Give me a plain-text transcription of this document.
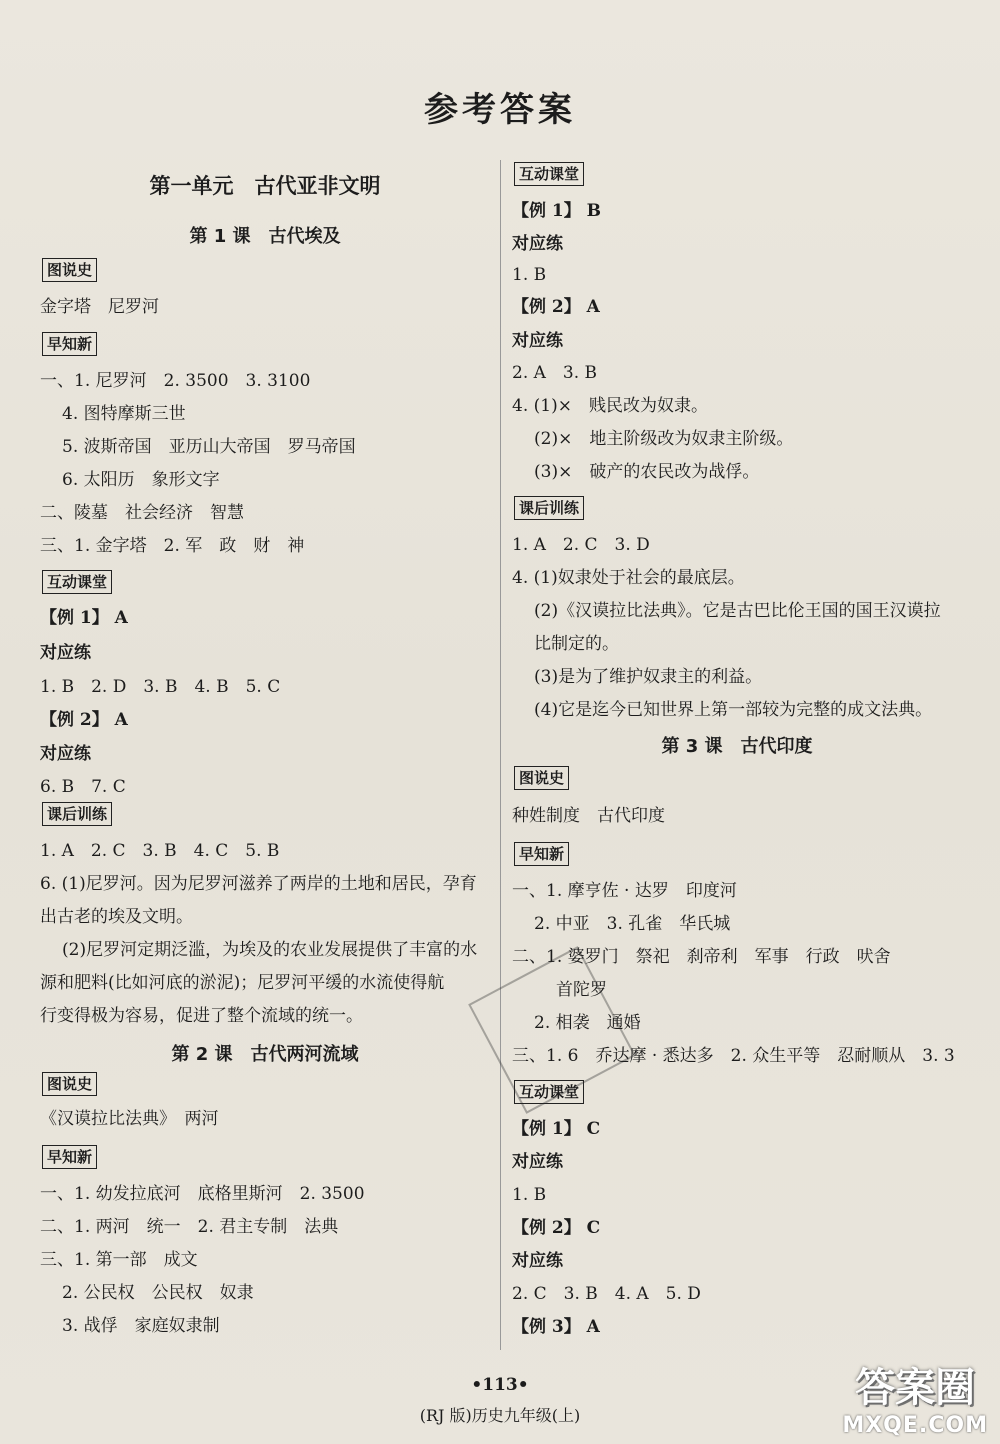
参考答案
第一单元　古代亚非文明
第 1 课　古代埃及
图说史
金字塔　尼罗河
早知新
一、1. 尼罗河　2. 3500　3. 3100
4. 图特摩斯三世
5. 波斯帝国　亚历山大帝国　罗马帝国
6. 太阳历　象形文字
二、陵墓　社会经济　智慧
三、1. 金字塔　2. 军　政　财　神
互动课堂
【例 1】 A
对应练
1. B　2. D　3. B　4. B　5. C
【例 2】 A
对应练
6. B　7. C
课后训练
1. A　2. C　3. B　4. C　5. B
6. (1)尼罗河。因为尼罗河滋养了两岸的土地和居民，孕育
出古老的埃及文明。
(2)尼罗河定期泛滥，为埃及的农业发展提供了丰富的水
源和肥料(比如河底的淤泥)；尼罗河平缓的水流使得航
行变得极为容易，促进了整个流域的统一。
第 2 课　古代两河流域
图说史
《汉谟拉比法典》　两河
早知新
一、1. 幼发拉底河　底格里斯河　2. 3500
二、1. 两河　统一　2. 君主专制　法典
三、1. 第一部　成文
2. 公民权　公民权　奴隶
3. 战俘　家庭奴隶制
互动课堂
【例 1】 B
对应练
1. B
【例 2】 A
对应练
2. A　3. B
4. (1)×　贱民改为奴隶。
(2)×　地主阶级改为奴隶主阶级。
(3)×　破产的农民改为战俘。
课后训练
1. A　2. C　3. D
4. (1)奴隶处于社会的最底层。
(2)《汉谟拉比法典》。它是古巴比伦王国的国王汉谟拉
比制定的。
(3)是为了维护奴隶主的利益。
(4)它是迄今已知世界上第一部较为完整的成文法典。
第 3 课　古代印度
图说史
种姓制度　古代印度
早知新
一、1. 摩亨佐 · 达罗　印度河
2. 中亚　3. 孔雀　华氏城
二、1. 婆罗门　祭祀　刹帝利　军事　行政　吠舍
首陀罗
2. 相袭　通婚
三、1. 6　乔达摩 · 悉达多　2. 众生平等　忍耐顺从　3. 3
互动课堂
【例 1】 C
对应练
1. B
【例 2】 C
对应练
2. C　3. B　4. A　5. D
【例 3】 A
•113•
(RJ 版)历史九年级(上)
答案圈
MXQE.COM
